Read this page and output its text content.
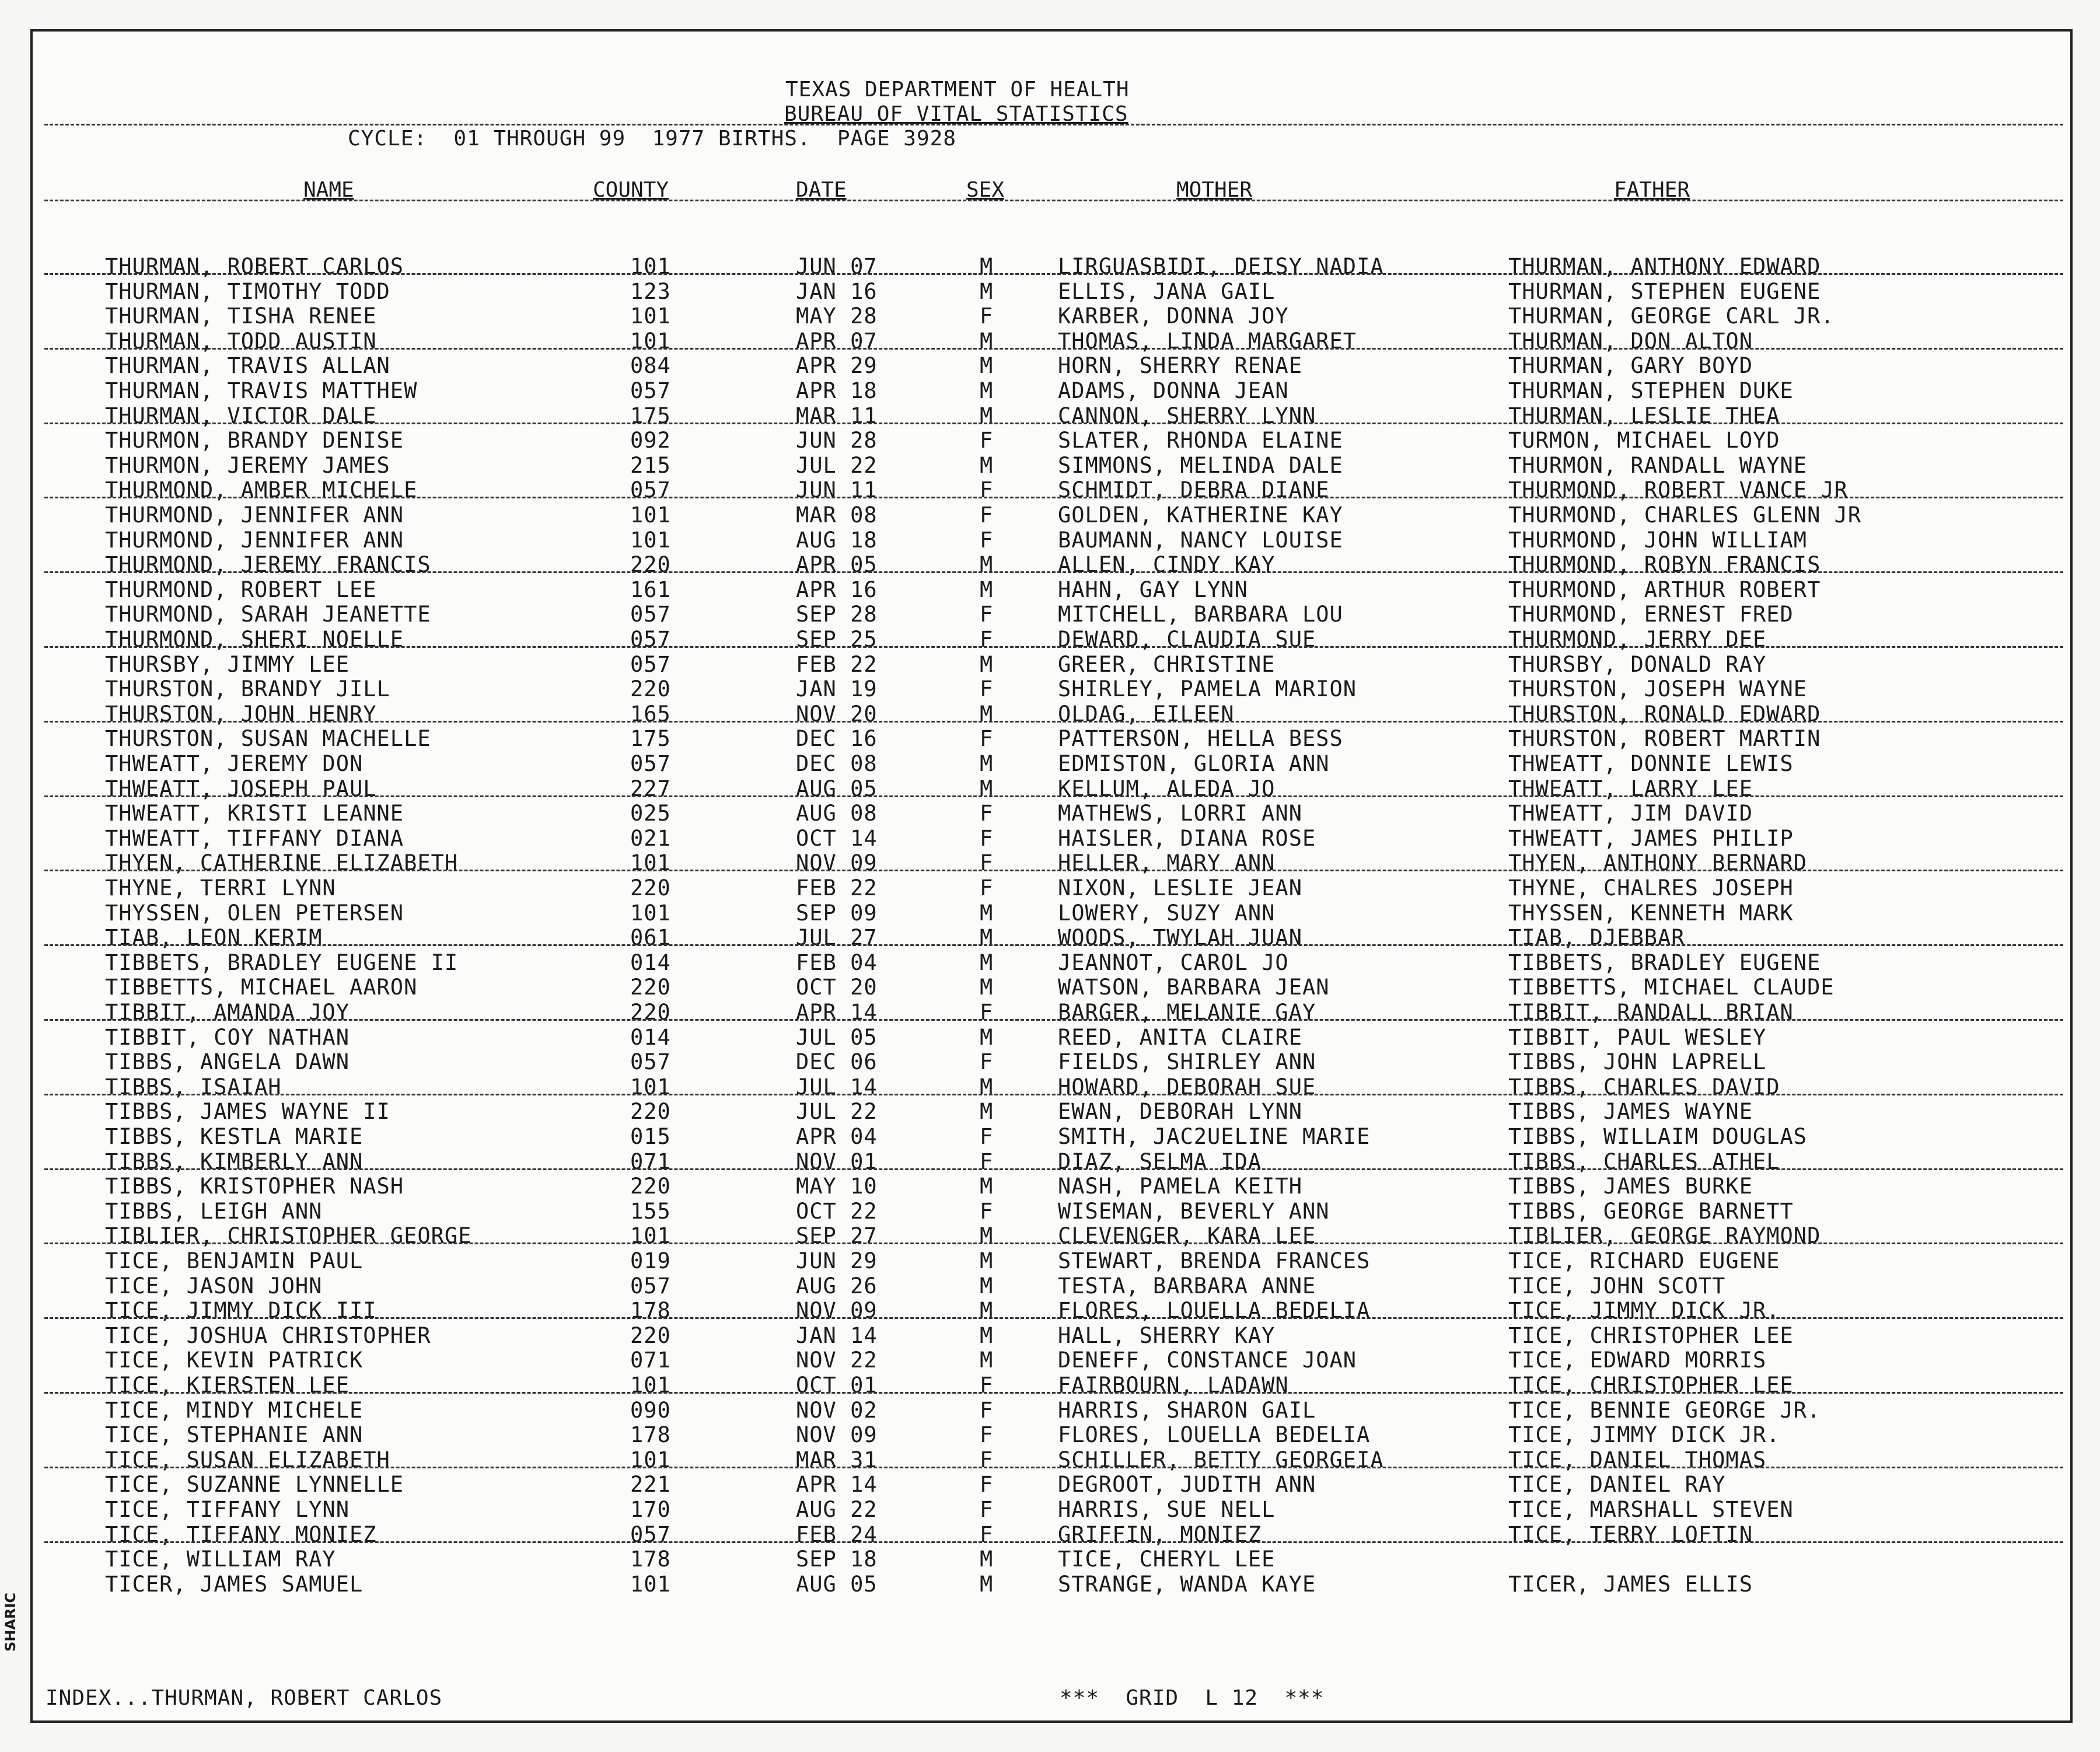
TEXAS DEPARTMENT OF HEALTH
BUREAU OF VITAL STATISTICS
CYCLE:  01 THROUGH 99  1977 BIRTHS.  PAGE 3928
NAME	COUNTY	DATE	SEX	MOTHER	FATHER
THURMAN, ROBERT CARLOS	101	JUN 07	M	LIRGUASBIDI, DEISY NADIA	THURMAN, ANTHONY EDWARD
THURMAN, TIMOTHY TODD	123	JAN 16	M	ELLIS, JANA GAIL	THURMAN, STEPHEN EUGENE
THURMAN, TISHA RENEE	101	MAY 28	F	KARBER, DONNA JOY	THURMAN, GEORGE CARL JR.
THURMAN, TODD AUSTIN	101	APR 07	M	THOMAS, LINDA MARGARET	THURMAN, DON ALTON
THURMAN, TRAVIS ALLAN	084	APR 29	M	HORN, SHERRY RENAE	THURMAN, GARY BOYD
THURMAN, TRAVIS MATTHEW	057	APR 18	M	ADAMS, DONNA JEAN	THURMAN, STEPHEN DUKE
THURMAN, VICTOR DALE	175	MAR 11	M	CANNON, SHERRY LYNN	THURMAN, LESLIE THEA
THURMON, BRANDY DENISE	092	JUN 28	F	SLATER, RHONDA ELAINE	TURMON, MICHAEL LOYD
THURMON, JEREMY JAMES	215	JUL 22	M	SIMMONS, MELINDA DALE	THURMON, RANDALL WAYNE
THURMOND, AMBER MICHELE	057	JUN 11	F	SCHMIDT, DEBRA DIANE	THURMOND, ROBERT VANCE JR
THURMOND, JENNIFER ANN	101	MAR 08	F	GOLDEN, KATHERINE KAY	THURMOND, CHARLES GLENN JR
THURMOND, JENNIFER ANN	101	AUG 18	F	BAUMANN, NANCY LOUISE	THURMOND, JOHN WILLIAM
THURMOND, JEREMY FRANCIS	220	APR 05	M	ALLEN, CINDY KAY	THURMOND, ROBYN FRANCIS
THURMOND, ROBERT LEE	161	APR 16	M	HAHN, GAY LYNN	THURMOND, ARTHUR ROBERT
THURMOND, SARAH JEANETTE	057	SEP 28	F	MITCHELL, BARBARA LOU	THURMOND, ERNEST FRED
THURMOND, SHERI NOELLE	057	SEP 25	F	DEWARD, CLAUDIA SUE	THURMOND, JERRY DEE
THURSBY, JIMMY LEE	057	FEB 22	M	GREER, CHRISTINE	THURSBY, DONALD RAY
THURSTON, BRANDY JILL	220	JAN 19	F	SHIRLEY, PAMELA MARION	THURSTON, JOSEPH WAYNE
THURSTON, JOHN HENRY	165	NOV 20	M	OLDAG, EILEEN	THURSTON, RONALD EDWARD
THURSTON, SUSAN MACHELLE	175	DEC 16	F	PATTERSON, HELLA BESS	THURSTON, ROBERT MARTIN
THWEATT, JEREMY DON	057	DEC 08	M	EDMISTON, GLORIA ANN	THWEATT, DONNIE LEWIS
THWEATT, JOSEPH PAUL	227	AUG 05	M	KELLUM, ALEDA JO	THWEATT, LARRY LEE
THWEATT, KRISTI LEANNE	025	AUG 08	F	MATHEWS, LORRI ANN	THWEATT, JIM DAVID
THWEATT, TIFFANY DIANA	021	OCT 14	F	HAISLER, DIANA ROSE	THWEATT, JAMES PHILIP
THYEN, CATHERINE ELIZABETH	101	NOV 09	F	HELLER, MARY ANN	THYEN, ANTHONY BERNARD
THYNE, TERRI LYNN	220	FEB 22	F	NIXON, LESLIE JEAN	THYNE, CHALRES JOSEPH
THYSSEN, OLEN PETERSEN	101	SEP 09	M	LOWERY, SUZY ANN	THYSSEN, KENNETH MARK
TIAB, LEON KERIM	061	JUL 27	M	WOODS, TWYLAH JUAN	TIAB, DJEBBAR
TIBBETS, BRADLEY EUGENE II	014	FEB 04	M	JEANNOT, CAROL JO	TIBBETS, BRADLEY EUGENE
TIBBETTS, MICHAEL AARON	220	OCT 20	M	WATSON, BARBARA JEAN	TIBBETTS, MICHAEL CLAUDE
TIBBIT, AMANDA JOY	220	APR 14	F	BARGER, MELANIE GAY	TIBBIT, RANDALL BRIAN
TIBBIT, COY NATHAN	014	JUL 05	M	REED, ANITA CLAIRE	TIBBIT, PAUL WESLEY
TIBBS, ANGELA DAWN	057	DEC 06	F	FIELDS, SHIRLEY ANN	TIBBS, JOHN LAPRELL
TIBBS, ISAIAH	101	JUL 14	M	HOWARD, DEBORAH SUE	TIBBS, CHARLES DAVID
TIBBS, JAMES WAYNE II	220	JUL 22	M	EWAN, DEBORAH LYNN	TIBBS, JAMES WAYNE
TIBBS, KESTLA MARIE	015	APR 04	F	SMITH, JAC2UELINE MARIE	TIBBS, WILLAIM DOUGLAS
TIBBS, KIMBERLY ANN	071	NOV 01	F	DIAZ, SELMA IDA	TIBBS, CHARLES ATHEL
TIBBS, KRISTOPHER NASH	220	MAY 10	M	NASH, PAMELA KEITH	TIBBS, JAMES BURKE
TIBBS, LEIGH ANN	155	OCT 22	F	WISEMAN, BEVERLY ANN	TIBBS, GEORGE BARNETT
TIBLIER, CHRISTOPHER GEORGE	101	SEP 27	M	CLEVENGER, KARA LEE	TIBLIER, GEORGE RAYMOND
TICE, BENJAMIN PAUL	019	JUN 29	M	STEWART, BRENDA FRANCES	TICE, RICHARD EUGENE
TICE, JASON JOHN	057	AUG 26	M	TESTA, BARBARA ANNE	TICE, JOHN SCOTT
TICE, JIMMY DICK III	178	NOV 09	M	FLORES, LOUELLA BEDELIA	TICE, JIMMY DICK JR.
TICE, JOSHUA CHRISTOPHER	220	JAN 14	M	HALL, SHERRY KAY	TICE, CHRISTOPHER LEE
TICE, KEVIN PATRICK	071	NOV 22	M	DENEFF, CONSTANCE JOAN	TICE, EDWARD MORRIS
TICE, KIERSTEN LEE	101	OCT 01	F	FAIRBOURN, LADAWN	TICE, CHRISTOPHER LEE
TICE, MINDY MICHELE	090	NOV 02	F	HARRIS, SHARON GAIL	TICE, BENNIE GEORGE JR.
TICE, STEPHANIE ANN	178	NOV 09	F	FLORES, LOUELLA BEDELIA	TICE, JIMMY DICK JR.
TICE, SUSAN ELIZABETH	101	MAR 31	F	SCHILLER, BETTY GEORGEIA	TICE, DANIEL THOMAS
TICE, SUZANNE LYNNELLE	221	APR 14	F	DEGROOT, JUDITH ANN	TICE, DANIEL RAY
TICE, TIFFANY LYNN	170	AUG 22	F	HARRIS, SUE NELL	TICE, MARSHALL STEVEN
TICE, TIFFANY MONIEZ	057	FEB 24	F	GRIFFIN, MONIEZ	TICE, TERRY LOFTIN
TICE, WILLIAM RAY	178	SEP 18	M	TICE, CHERYL LEE
TICER, JAMES SAMUEL	101	AUG 05	M	STRANGE, WANDA KAYE	TICER, JAMES ELLIS
INDEX...THURMAN, ROBERT CARLOS	***  GRID  L 12  ***
SHARIC
